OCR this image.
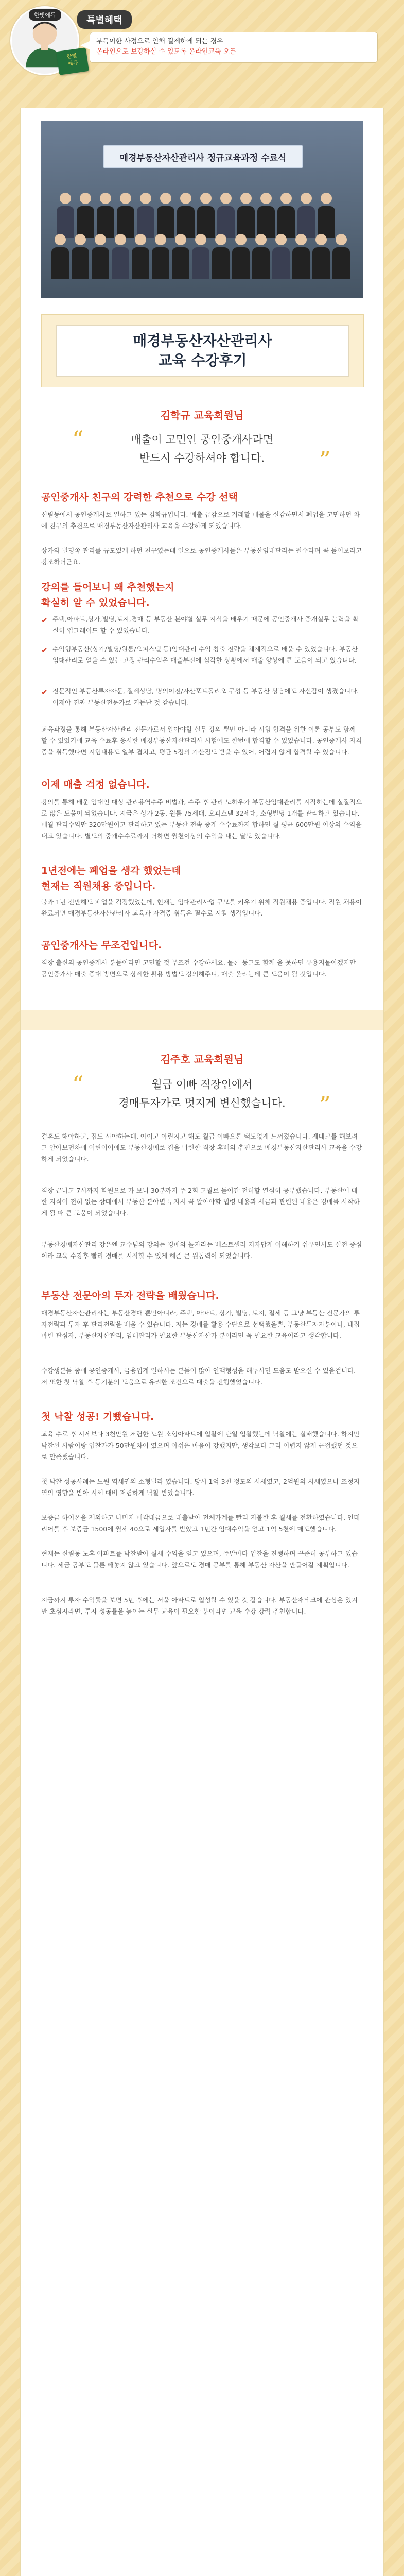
한빛에듀
한빛
에듀
특별혜택
부득이한 사정으로 인해 결제하게 되는 경우
온라인으로 보강하실 수 있도록 온라인교육 오픈
매경부동산자산관리사 정규교육과정 수료식
매경부동산자산관리사
교육 수강후기
김학규 교육회원님
“	매출이 고민인 공인중개사라면
반드시 수강하셔야 합니다.	”
공인중개사 친구의 강력한 추천으로 수강 선택
신림동에서 공인중개사로 일하고 있는 김학규입니다. 매출 급감으로 거래할 매물을 실감하면서 폐업을 고민하던 차에 친구의 추천으로 매경부동산자산관리사 교육을 수강하게 되었습니다.
상가와 빌딩쪽 관리를 규모있게 하던 친구였는데 일으로 공인중개사들은 부동산임대관리는 필수라며 꼭 들어보라고 강조하더군요.
강의를 들어보니 왜 추천했는지
확실히 알 수 있었습니다.
✔ 주택,아파트,상가,빌딩,토지,경매 등 부동산 분야별 실무 지식을 배우기 때문에 공인중개사 중개실무 능력을 확실히 업그레이드 할 수 있었습니다.
✔ 수익형부동산(상가/빌딩/원룸/오피스텔 등)임대관리 수익 창출 전략을 체계적으로 배울 수 있었습니다. 부동산임대관리로 얻을 수 있는 고정 관리수익은 매출부진에 심각한 상황에서 매출 향상에 큰 도움이 되고 있습니다.
✔ 전문적인 부동산투자자문, 절세상담, 명의이전/자산포트폴리오 구성 등 부동산 상담에도 자신감이 생겼습니다. 이제야 진짜 부동산전문가로 거듭난 것 같습니다.
교육과정을 통해 부동산자산관리 전문가로서 알아야할 실무 강의 뿐만 아니라 시험 합격을 위한 이론 공부도 함께 할 수 있었기에 교육 수료후 응시한 매경부동산자산관리사 시험에도 한번에 합격할 수 있었습니다. 공인중개사 자격증을 취득했다면 시험내용도 일부 겹치고, 평균 5점의 가산점도 받을 수 있어, 어렵지 않게 합격할 수 있습니다.
이제 매출 걱정 없습니다.
강의를 통해 배운 임대인 대상 관리용역수주 비법과, 수주 후 관리 노하우가 부동산임대관리를 시작하는데 실질적으로 많은 도움이 되었습니다. 지금은 상가 2동, 원룸 75세대, 오피스텔 32세대, 소형빌딩 1개를 관리하고 있습니다. 매월 관리수익만 320만원이고 관리하고 있는 부동산 전속 중개 수수료까지 합하면 월 평균 600만원 이상의 수익을 내고 있습니다. 별도의 중개수수료까지 더하면 월천이상의 수익을 내는 달도 있습니다.
1년전에는 폐업을 생각 했었는데
현재는 직원채용 중입니다.
불과 1년 전만해도 폐업을 걱정했었는데, 현재는 임대관리사업 규모를 키우기 위해 직원채용 중입니다. 직원 채용이 완료되면 매경부동산자산관리사 교육과 자격증 취득은 필수로 시킬 생각입니다.
공인중개사는 무조건입니다.
직장 출신의 공인중개사 분들이라면 고민할 것 무조건 수강하세요. 물론 동고도 함께 을 못하면 유용지물이겠지만 공인중개사 매출 증대 방면으로 상세한 활용 방법도 강의해주니, 매출 올리는데 큰 도움이 될 것입니다.
김주호 교육회원님
“	월급 이빠 직장인에서
경매투자가로 멋지게 변신했습니다.	”
결혼도 해야하고, 집도 사야하는데, 아이고 아린지고 해도 월급 이빠으론 택도없게 느껴졌습니다. 재테크를 해보려고 알아보던차에 어린이이에도 부동산경매로 집을 마련한 직장 후배의 추천으로 매경부동산자산관리사 교육을 수강하게 되었습니다.
직장 끝나고 7시까지 학원으로 가 보니 30분까지 주 2회 고퀄로 들어간 전혀할 열심히 공부했습니다. 부동산에 대한 지식이 전혀 없는 상태에서 부동산 분야별 투자시 꼭 알아야할 법령 내용과 세금과 관련된 내용은 경매를 시작하게 될 때 큰 도움이 되었습니다.
부동산경매자산관리 강은엔 교수님의 강의는 경매와 놀자라는 베스트셀러 저자답게 이해하기 쉬우면서도 실전 중심이라 교육 수강후 빨리 경매를 시작할 수 있게 해준 큰 원동력이 되었습니다.
부동산 전문아의 투자 전략을 배웠습니다.
매경부동산자산관리사는 부동산경매 뿐만아니라, 주택, 아파트, 상가, 빌딩, 토지, 절세 등 그냥 부동산 전문가의 투자전략과 투자 후 관리전략을 배울 수 있습니다. 저는 경매를 활용 수단으로 선택했을뿐, 부동산투자자분이나, 내집마련 관심자, 부동산자산관리, 임대관리가 필요한 부동산자산가 분이라면 꼭 필요한 교육이라고 생각합니다.
수강생분들 중에 공인중개사, 금융업계 일하시는 분들이 많아 인맥형성을 해두시면 도움도 받으실 수 있을겁니다. 저 또한 첫 낙찰 후 동기분의 도움으로 유리한 조건으로 대출을 진행했었습니다.
첫 낙찰 성공! 기뻤습니다.
교육 수료 후 시세보다 3천만원 저렴한 노원 소형아파트에 입찰에 단일 입찰했는데 낙찰에는 실패했습니다. 하지만 낙찰된 사람이랑 입찰가가 50만원차이 였으며 아쉬운 마음이 강했지만, 생각보다 그리 어렵지 않게 근접했던 것으로 만족했습니다.
첫 낙찰 성공사례는 노원 역세권의 소형빌라 였습니다. 당시 1억 3천 정도의 시세였고, 2억원의 시세였으나 조정지역의 영향을 받아 시세 대비 저렴하게 낙찰 받았습니다.
보증금 하이폰을 제외하고 나머지 매각대금으로 대출받아 전체가계를 빨리 지불한 후 월세를 전환하였습니다. 인테리어를 후 보증금 1500에 월세 40으로 세입자를 받았고 1년간 임대수익을 얻고 1억 5천에 매도했습니다.
현재는 신림동 노후 아파트를 낙찰받아 월세 수익을 얻고 있으며, 주말마다 입찰을 진행하며 꾸준히 공부하고 있습니다. 세금 공부도 물론 빼놓지 않고 있습니다. 앞으로도 경매 공부를 통해 부동산 자산을 만들어갈 계획입니다.
지금까지 투자 수익률을 보면 5년 후에는 서울 아파트로 입성할 수 있을 것 같습니다. 부동산재테크에 관심은 있지만 초심자라면, 투자 성공률을 높이는 실무 교육이 필요한 분이라면 교육 수강 강력 추천합니다.
